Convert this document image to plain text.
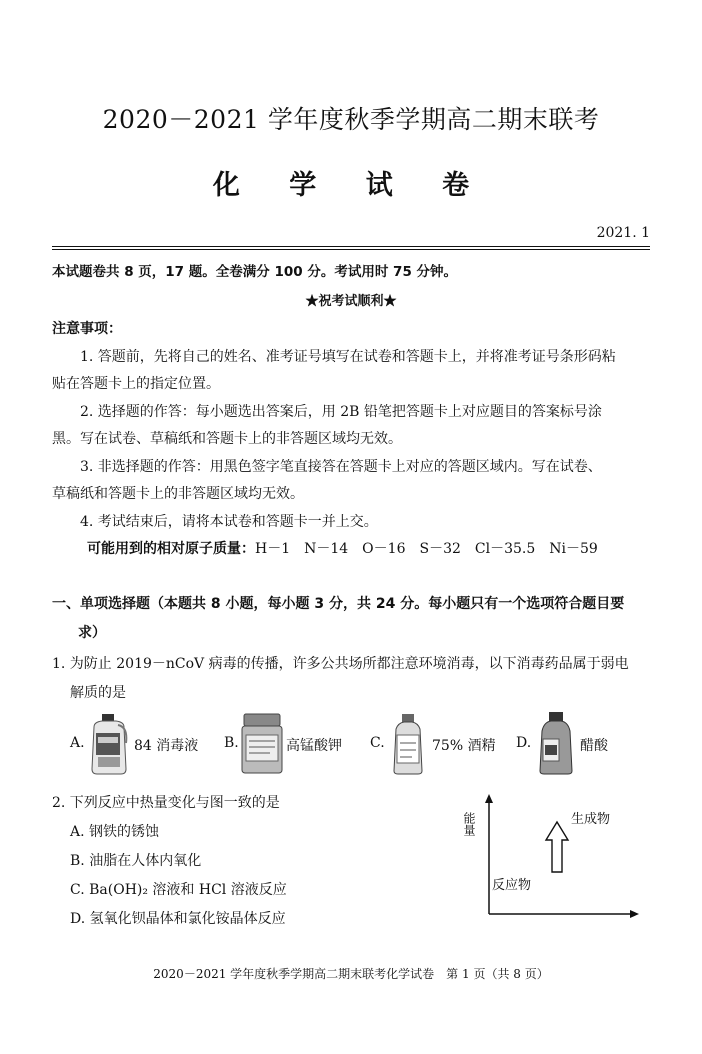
2020－2021 学年度秋季学期高二期末联考
化 学 试 卷
2021. 1
本试题卷共 8 页，17 题。全卷满分 100 分。考试用时 75 分钟。
★祝考试顺利★
注意事项：
1. 答题前，先将自己的姓名、准考证号填写在试卷和答题卡上，并将准考证号条形码粘
贴在答题卡上的指定位置。
2. 选择题的作答：每小题选出答案后，用 2B 铅笔把答题卡上对应题目的答案标号涂
黑。写在试卷、草稿纸和答题卡上的非答题区域均无效。
3. 非选择题的作答：用黑色签字笔直接答在答题卡上对应的答题区域内。写在试卷、
草稿纸和答题卡上的非答题区域均无效。
4. 考试结束后，请将本试卷和答题卡一并上交。
可能用到的相对原子质量：H－1　N－14　O－16　S－32　Cl－35.5　Ni－59
一、单项选择题（本题共 8 小题，每小题 3 分，共 24 分。每小题只有一个选项符合题目要
求）
1. 为防止 2019－nCoV 病毒的传播，许多公共场所都注意环境消毒，以下消毒药品属于弱电
解质的是
A.	84 消毒液 B.	高锰酸钾 C.	75% 酒精 D.	醋酸
2. 下列反应中热量变化与图一致的是
A. 钢铁的锈蚀
B. 油脂在人体内氧化
C. Ba(OH)₂ 溶液和 HCl 溶液反应
D. 氢氧化钡晶体和氯化铵晶体反应
能量	生成物
反应物
2020－2021 学年度秋季学期高二期末联考化学试卷　第 1 页（共 8 页）
